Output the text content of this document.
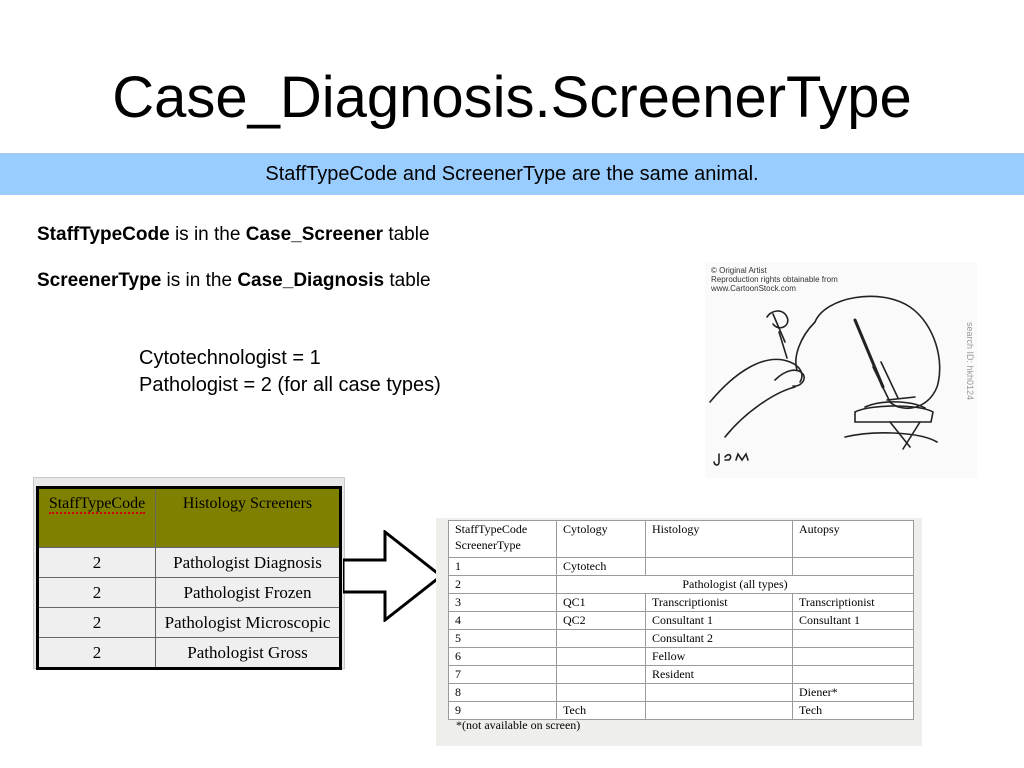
Case_Diagnosis.ScreenerType
StaffTypeCode and ScreenerType are the same animal.
StaffTypeCode is in the Case_Screener table
ScreenerType is in the Case_Diagnosis table
Cytotechnologist = 1
Pathologist = 2 (for all case types)
© Original Artist
Reproduction rights obtainable from
www.CartoonStock.com
search ID: hkh0124
StaffTypeCode	Histology Screeners
2	Pathologist Diagnosis
2	Pathologist Frozen
2	Pathologist Microscopic
2	Pathologist Gross
StaffTypeCode
ScreenerType	Cytology	Histology	Autopsy
1	Cytotech		
2	Pathologist (all types)		
3	QC1	Transcriptionist	Transcriptionist
4	QC2	Consultant 1	Consultant 1
5		Consultant 2	
6		Fellow	
7		Resident	
8			Diener*
9	Tech		Tech
*(not available on screen)
